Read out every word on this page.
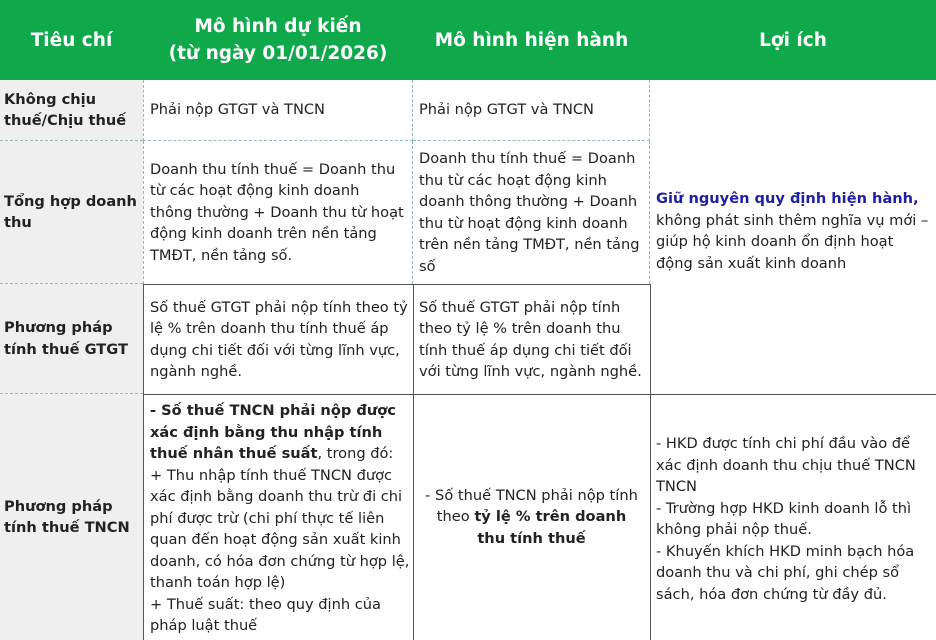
Tiêu chí
Mô hình dự kiến
(từ ngày 01/01/2026)
Mô hình hiện hành	Lợi ích
Không chịu thuế/Chịu thuế
Phải nộp GTGT và TNCN	Phải nộp GTGT và TNCN
Tổng hợp doanh thu
Doanh thu tính thuế = Doanh thu từ các hoạt động kinh doanh thông thường + Doanh thu từ hoạt động kinh doanh trên nền tảng TMĐT, nền tảng số.
Doanh thu tính thuế = Doanh thu từ các hoạt động kinh doanh thông thường + Doanh thu từ hoạt động kinh doanh trên nền tảng TMĐT, nền tảng số
Giữ nguyên quy định hiện hành, không phát sinh thêm nghĩa vụ mới – giúp hộ kinh doanh ổn định hoạt động sản xuất kinh doanh
Phương pháp tính thuế GTGT
Số thuế GTGT phải nộp tính theo tỷ lệ % trên doanh thu tính thuế áp dụng chi tiết đối với từng lĩnh vực, ngành nghề.
Số thuế GTGT phải nộp tính theo tỷ lệ % trên doanh thu tính thuế áp dụng chi tiết đối với từng lĩnh vực, ngành nghề.
Phương pháp tính thuế TNCN
- Số thuế TNCN phải nộp được xác định bằng thu nhập tính thuế nhân thuế suất, trong đó:
+ Thu nhập tính thuế TNCN được xác định bằng doanh thu trừ đi chi phí được trừ (chi phí thực tế liên quan đến hoạt động sản xuất kinh doanh, có hóa đơn chứng từ hợp lệ, thanh toán hợp lệ)
+ Thuế suất: theo quy định của pháp luật thuế
- Số thuế TNCN phải nộp tính theo tỷ lệ % trên doanh thu tính thuế
- HKD được tính chi phí đầu vào để xác định doanh thu chịu thuế TNCN TNCN
- Trường hợp HKD kinh doanh lỗ thì không phải nộp thuế.
- Khuyến khích HKD minh bạch hóa doanh thu và chi phí, ghi chép sổ sách, hóa đơn chứng từ đầy đủ.
